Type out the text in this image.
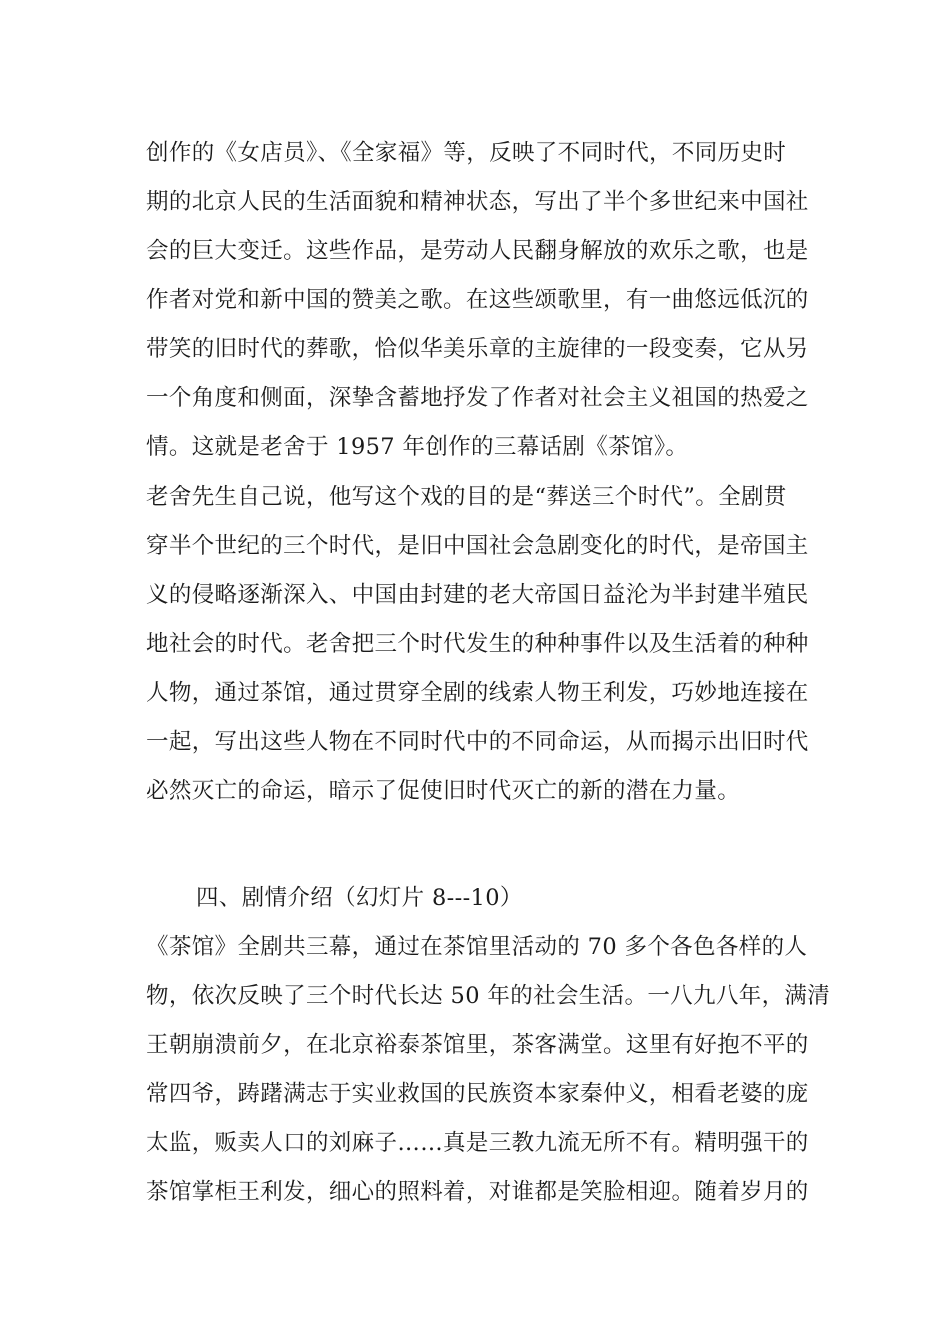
创作的《女店员》、《全家福》等，反映了不同时代，不同历史时
期的北京人民的生活面貌和精神状态，写出了半个多世纪来中国社
会的巨大变迁。这些作品，是劳动人民翻身解放的欢乐之歌，也是
作者对党和新中国的赞美之歌。在这些颂歌里，有一曲悠远低沉的
带笑的旧时代的葬歌，恰似华美乐章的主旋律的一段变奏，它从另
一个角度和侧面，深挚含蓄地抒发了作者对社会主义祖国的热爱之
情。这就是老舍于 1957 年创作的三幕话剧《茶馆》。
老舍先生自己说，他写这个戏的目的是“葬送三个时代”。全剧贯
穿半个世纪的三个时代，是旧中国社会急剧变化的时代，是帝国主
义的侵略逐渐深入、中国由封建的老大帝国日益沦为半封建半殖民
地社会的时代。老舍把三个时代发生的种种事件以及生活着的种种
人物，通过茶馆，通过贯穿全剧的线索人物王利发，巧妙地连接在
一起，写出这些人物在不同时代中的不同命运，从而揭示出旧时代
必然灭亡的命运，暗示了促使旧时代灭亡的新的潜在力量。
四、剧情介绍（幻灯片 8---10）
《茶馆》全剧共三幕，通过在茶馆里活动的 70 多个各色各样的人
物，依次反映了三个时代长达 50 年的社会生活。一八九八年，满清
王朝崩溃前夕，在北京裕泰茶馆里，茶客满堂。这里有好抱不平的
常四爷，踌躇满志于实业救国的民族资本家秦仲义，相看老婆的庞
太监，贩卖人口的刘麻子……真是三教九流无所不有。精明强干的
茶馆掌柜王利发，细心的照料着，对谁都是笑脸相迎。随着岁月的
